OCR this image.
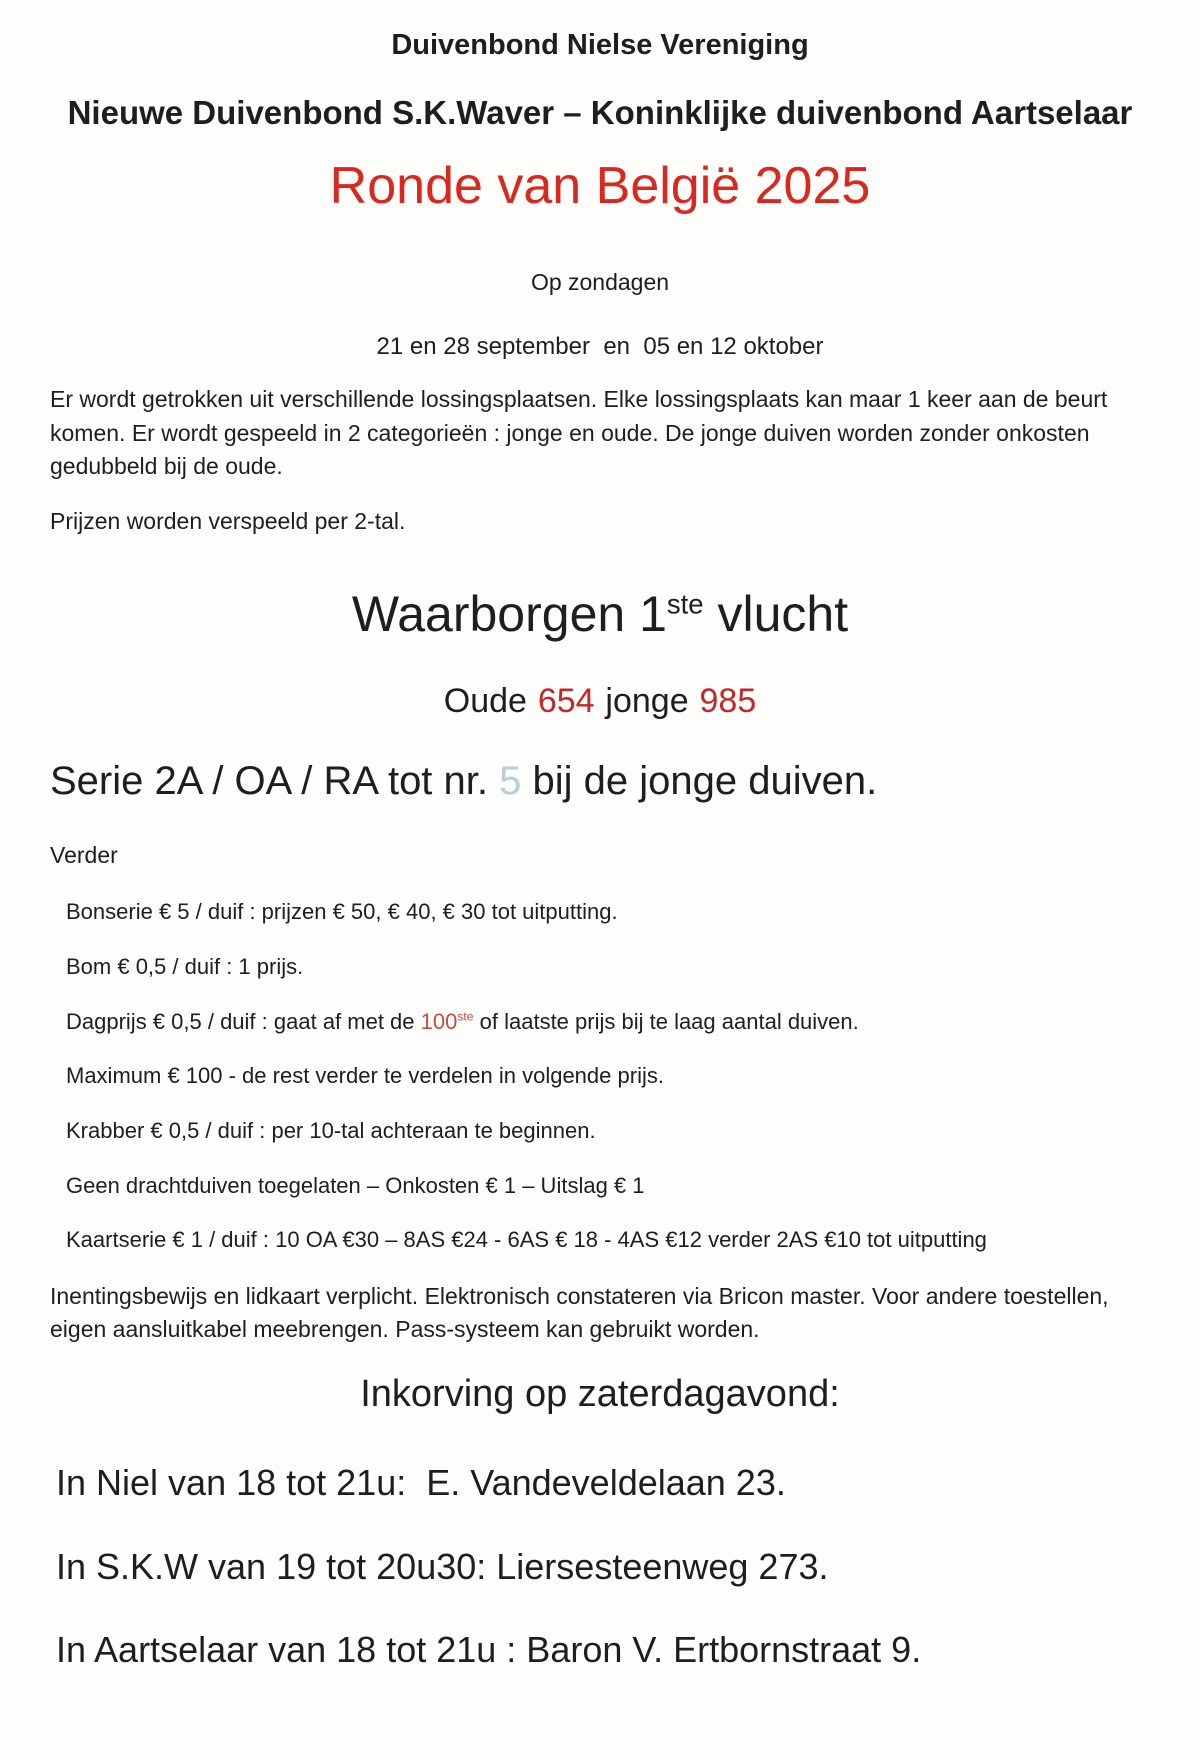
Duivenbond Nielse Vereniging
Nieuwe Duivenbond S.K.Waver – Koninklijke duivenbond Aartselaar
Ronde van België 2025

Op zondagen

21 en 28 september  en  05 en 12 oktober

Er wordt getrokken uit verschillende lossingsplaatsen. Elke lossingsplaats kan maar 1 keer aan de beurt komen. Er wordt gespeeld in 2 categorieën : jonge en oude. De jonge duiven worden zonder onkosten gedubbeld bij de oude.

Prijzen worden verspeeld per 2-tal.

Waarborgen 1ste vlucht

Oude 654 jonge 985

Serie 2A / OA / RA tot nr. 5 bij de jonge duiven.

Verder

Bonserie € 5 / duif : prijzen € 50, € 40, € 30 tot uitputting.

Bom € 0,5 / duif : 1 prijs.

Dagprijs € 0,5 / duif : gaat af met de 100ste of laatste prijs bij te laag aantal duiven.

Maximum € 100 - de rest verder te verdelen in volgende prijs.

Krabber € 0,5 / duif : per 10-tal achteraan te beginnen.

Geen drachtduiven toegelaten – Onkosten € 1 – Uitslag € 1

Kaartserie € 1 / duif : 10 OA €30 – 8AS €24 - 6AS € 18 - 4AS €12 verder 2AS €10 tot uitputting

Inentingsbewijs en lidkaart verplicht. Elektronisch constateren via Bricon master. Voor andere toestellen, eigen aansluitkabel meebrengen. Pass-systeem kan gebruikt worden.

Inkorving op zaterdagavond:

In Niel van 18 tot 21u:  E. Vandeveldelaan 23.

In S.K.W van 19 tot 20u30: Liersesteenweg 273.

In Aartselaar van 18 tot 21u : Baron V. Ertbornstraat 9.
